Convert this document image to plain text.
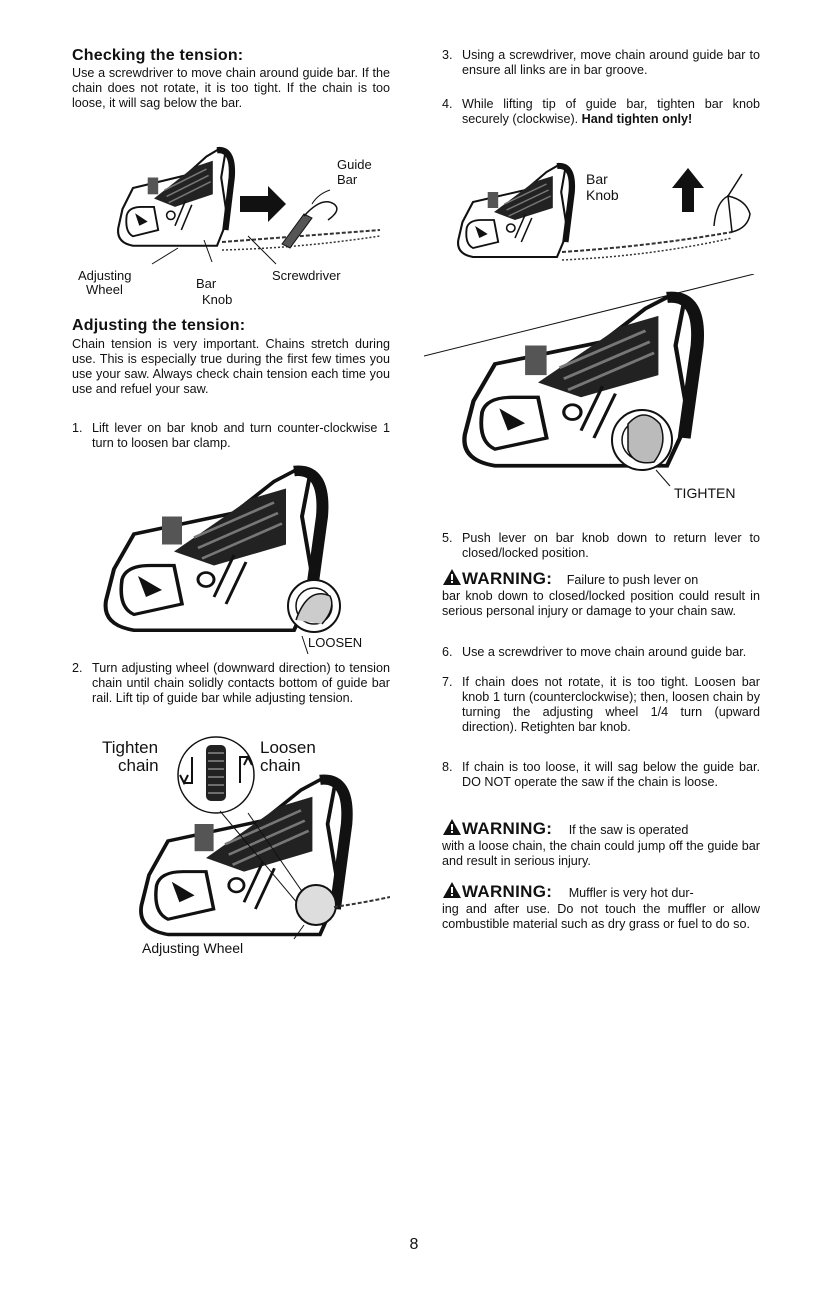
Checking the tension:

Use a screwdriver to move chain around guide bar. If the chain does not rotate, it is too tight. If the chain is too loose, it will sag below the bar.

Guide
Bar
Adjusting
Wheel	Bar
Knob
Screwdriver
Adjusting the tension:

Chain tension is very important. Chains stretch during use. This is especially true during the first few times you use your saw. Always check chain tension each time you use and refuel your saw.

1. Lift lever on bar knob and turn counter-clockwise 1 turn to loosen bar clamp.
LOOSEN
2. Turn adjusting wheel (downward direction) to tension chain until chain solidly contacts bottom of guide bar rail. Lift tip of guide bar while adjusting tension.
Tighten
chain
Loosen
chain
Adjusting Wheel
3. Using a screwdriver, move chain around guide bar to ensure all links are in bar groove.
4. While lifting tip of guide bar, tighten bar knob securely (clockwise). Hand tighten only!
Bar
Knob
TIGHTEN
5. Push lever on bar knob down to return lever to closed/locked position.
WARNING: Failure to push lever on

bar knob down to closed/locked position could result in serious personal injury or damage to your chain saw.

6. Use a screwdriver to move chain around guide bar.
7. If chain does not rotate, it is too tight. Loosen bar knob 1 turn (counterclockwise); then, loosen chain by turning the adjusting wheel 1/4 turn (upward direction). Retighten bar knob.
8. If chain is too loose, it will sag below the guide bar. DO NOT operate the saw if the chain is loose.
WARNING: If the saw is operated

with a loose chain, the chain could jump off the guide bar and result in serious injury.

WARNING: Muffler is very hot dur-

ing and after use. Do not touch the muffler or allow combustible material such as dry grass or fuel to do so.

8
